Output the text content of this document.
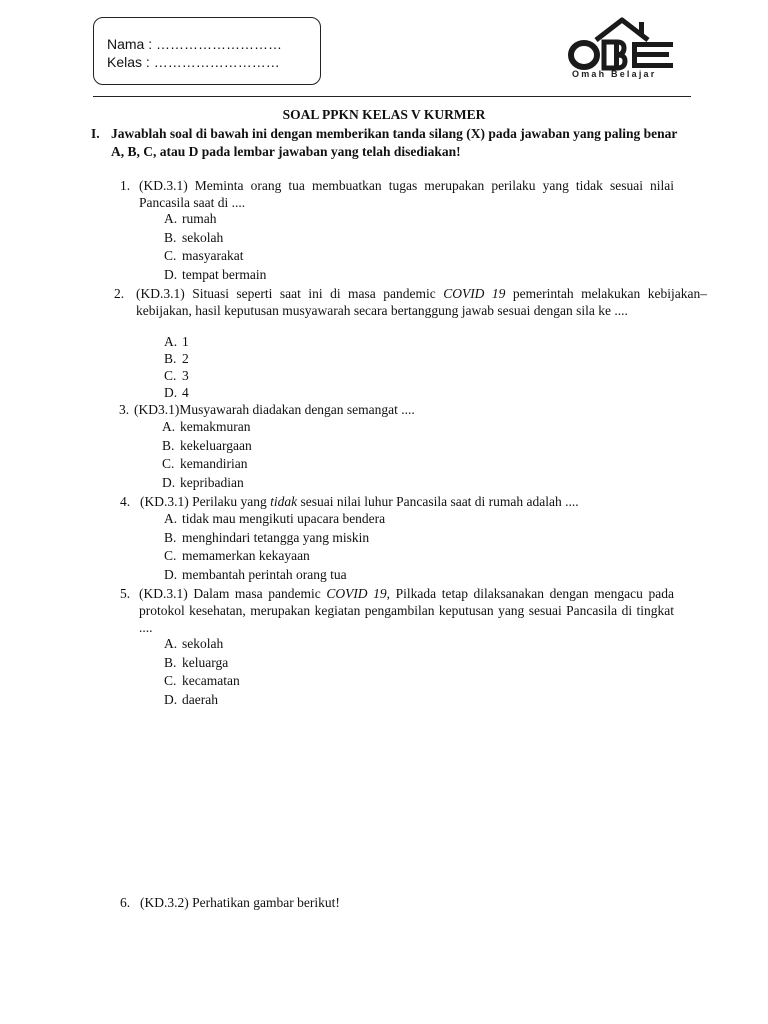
Nama : ………………………
Kelas : ………………………
Omah Belajar
SOAL PPKN KELAS V KURMER
I. Jawablah soal di bawah ini dengan memberikan tanda silang (X) pada jawaban yang paling benar A, B, C, atau D pada lembar jawaban yang telah disediakan!
1. (KD.3.1) Meminta orang tua membuatkan tugas merupakan perilaku yang tidak sesuai nilai Pancasila saat di ....
A. rumah
B. sekolah
C. masyarakat
D. tempat bermain
2. (KD.3.1) Situasi seperti saat ini di masa pandemic COVID 19 pemerintah melakukan kebijakan–kebijakan, hasil keputusan musyawarah secara bertanggung jawab sesuai dengan sila ke ....
A. 1
B. 2
C. 3
D. 4
3. (KD3.1)Musyawarah diadakan dengan semangat ....
A. kemakmuran
B. kekeluargaan
C. kemandirian
D. kepribadian
4. (KD.3.1) Perilaku yang tidak sesuai nilai luhur Pancasila saat di rumah adalah ....
A. tidak mau mengikuti upacara bendera
B. menghindari tetangga yang miskin
C. memamerkan kekayaan
D. membantah perintah orang tua
5. (KD.3.1) Dalam masa pandemic COVID 19, Pilkada tetap dilaksanakan dengan mengacu pada protokol kesehatan, merupakan kegiatan pengambilan keputusan yang sesuai Pancasila di tingkat ....
A. sekolah
B. keluarga
C. kecamatan
D. daerah
6. (KD.3.2) Perhatikan gambar berikut!
